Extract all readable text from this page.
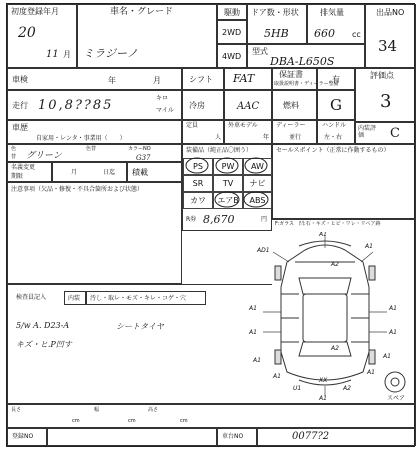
初度登録年月
20
11 月
車名・グレード
ミラジーノ
駆動
2WD
4WD
ドア数・形状
5HB
排気量
660 cc
型式
DBA-L650S
出品NO
34
車検	年	月	シフト FAT	保証書
取扱説明書・ディーラー整備
有	評価点
3
走行 10,8??85	キロ
マイル
冷房	AAC	燃料 G
車歴
自家用・レンタ・事業用（　　）
定員
人
外車モデル
年
ディーラー
並行
ハンドル
左・右
内装評価	C
色
替 グリーン
色替	カラーNO
G37
名義変更
期限
月	日迄 積載
注意事項（欠品・修復・不具合箇所および状態）
装備品（純正品〇囲う）
PS	PW	AW
SR	TV	ナビ
カワ	エアB	ABS
R券 8,670	円
セールスポイント（正常に作動するもの）
F:ガラス　凹:石・キズ・ヒビ・ワレ・リペア跡
A1
A1
AD1
A2
A2
A1	A1
A1	A1
A1
A1
A1
A1
XX
U1	A2
A1	スペア
検査員記入	内装 汚し・取レ・モズ・キレ・コゲ・穴
5/w A. D23-A	シートタイヤ
キズ・ヒ.P凹す
長さ
cm
幅
cm
高さ
cm
登録NO	車台NO	0077?2
